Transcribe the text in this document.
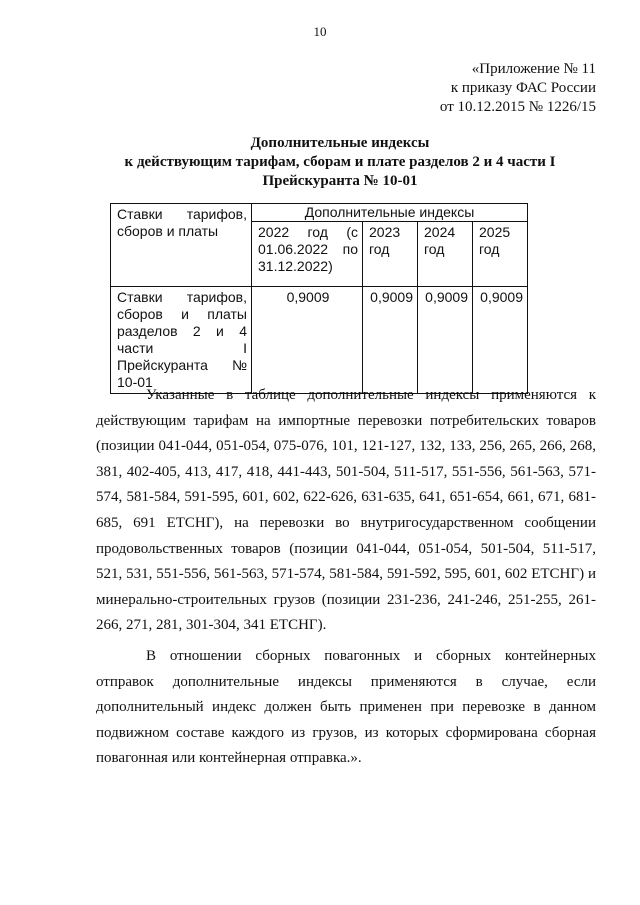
10
«Приложение № 11
к приказу ФАС России
от 10.12.2015 № 1226/15
Дополнительные индексы
к действующим тарифам, сборам и плате разделов 2 и 4 части I
Прейскуранта № 10-01
Ставки тарифов, сборов и платы	Дополнительные индексы			
	2022 год (с 01.06.2022 по 31.12.2022)	2023 год	2024 год	2025 год
Ставки тарифов, сборов и платы разделов 2 и 4 части I Прейскуранта № 10-01	0,9009	0,9009	0,9009	0,9009
Указанные в таблице дополнительные индексы применяются к действующим тарифам на импортные перевозки потребительских товаров (позиции 041-044, 051-054, 075-076, 101, 121-127, 132, 133, 256, 265, 266, 268, 381, 402-405, 413, 417, 418, 441-443, 501-504, 511-517, 551-556, 561-563, 571-574, 581-584, 591-595, 601, 602, 622-626, 631-635, 641, 651-654, 661, 671, 681-685, 691 ЕТСНГ), на перевозки во внутригосударственном сообщении продовольственных товаров (позиции 041-044, 051-054, 501-504, 511-517, 521, 531, 551-556, 561-563, 571-574, 581-584, 591-592, 595, 601, 602 ЕТСНГ) и минерально-строительных грузов (позиции 231-236, 241-246, 251-255, 261-266, 271, 281, 301-304, 341 ЕТСНГ).
В отношении сборных повагонных и сборных контейнерных отправок дополнительные индексы применяются в случае, если дополнительный индекс должен быть применен при перевозке в данном подвижном составе каждого из грузов, из которых сформирована сборная повагонная или контейнерная отправка.».
